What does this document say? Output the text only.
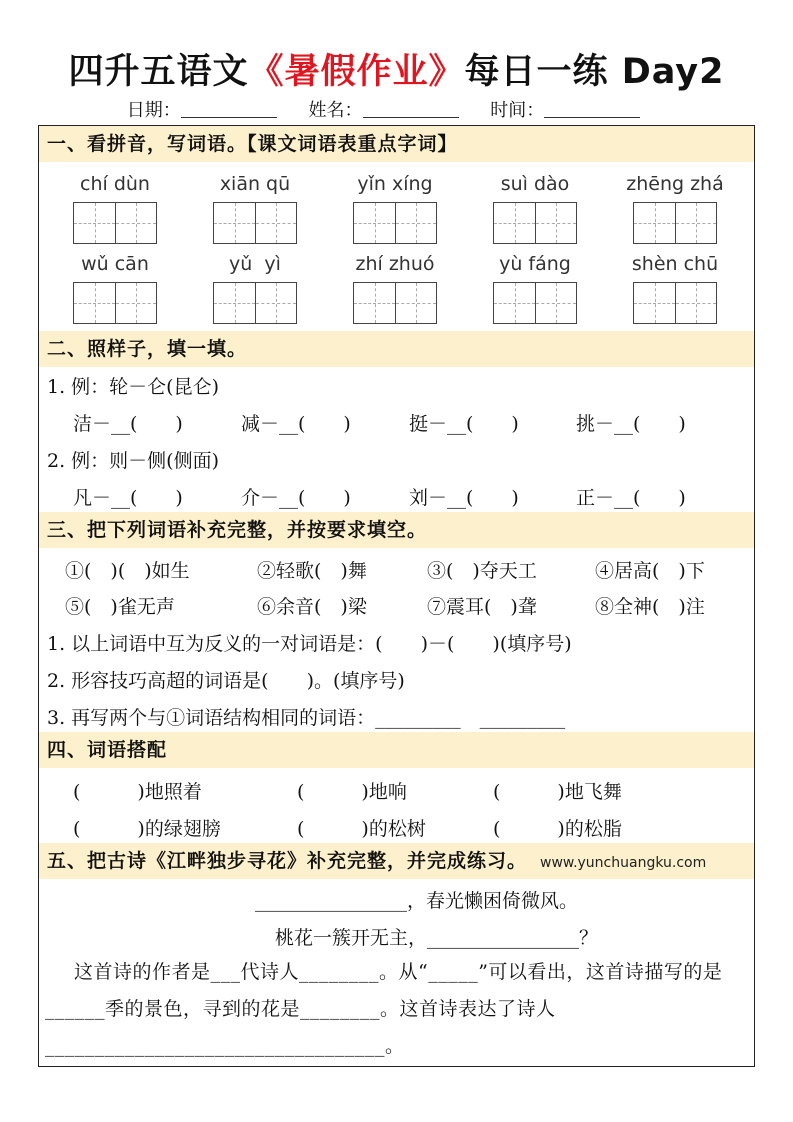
四升五语文《暑假作业》每日一练 Day2
日期：	姓名：	时间：
一、看拼音，写词语。【课文词语表重点字词】
chí dùn	xiān qū	yǐn xíng	suì dào	zhēng zhá
wǔ cān	yǔ  yì	zhí zhuó	yù fáng	shèn chū
二、照样子，填一填。
1. 例：轮－仑(昆仑)
洁－__(　　)	减－__(　　)	挺－__(　　)	挑－__(　　)
2. 例：则－侧(侧面)
凡－__(　　)	介－__(　　)	刘－__(　　)	正－__(　　)
三、把下列词语补充完整，并按要求填空。
①(　)(　)如生	②轻歌(　)舞	③(　)夺天工	④居高(　)下
⑤(　)雀无声	⑥余音(　)梁	⑦震耳(　)聋	⑧全神(　)注
1. 以上词语中互为反义的一对词语是：(　　)－(　　)(填序号)
2. 形容技巧高超的词语是(　　)。(填序号)
3. 再写两个与①词语结构相同的词语：_________　_________
四、词语搭配
(　　　)地照着	(　　　)地响	(　　　)地飞舞
(　　　)的绿翅膀	(　　　)的松树	(　　　)的松脂
五、把古诗《江畔独步寻花》补充完整，并完成练习。
________________，春光懒困倚微风。
桃花一簇开无主，________________？
这首诗的作者是___代诗人________。从“_____”可以看出，这首诗描写的是______季的景色，寻到的花是________。这首诗表达了诗人__________________________________。
www.yunchuangku.com
